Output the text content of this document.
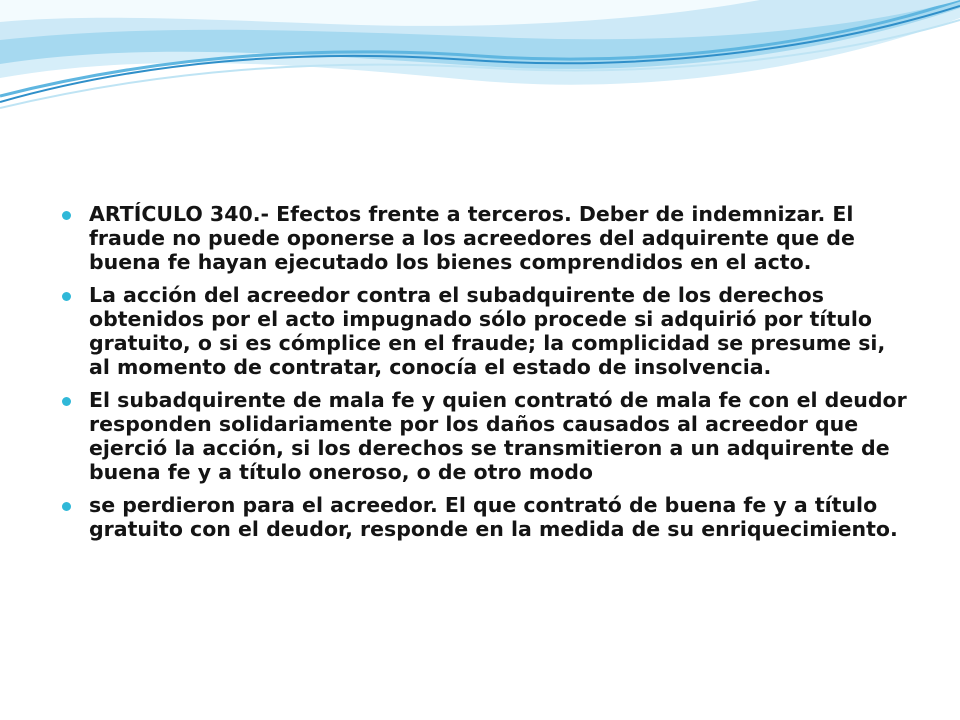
ARTÍCULO 340.- Efectos frente a terceros. Deber de indemnizar. El fraude no puede oponerse a los acreedores del adquirente que de buena fe hayan ejecutado los bienes comprendidos en el acto.
La acción del acreedor contra el subadquirente de los derechos obtenidos por el acto impugnado sólo procede si adquirió por título gratuito, o si es cómplice en el fraude; la complicidad se presume si, al momento de contratar, conocía el estado de insolvencia.
El subadquirente de mala fe y quien contrató de mala fe con el deudor responden solidariamente por los daños causados al acreedor que ejerció la acción, si los derechos se transmitieron a un adquirente de buena fe y a título oneroso, o de otro modo
se perdieron para el acreedor. El que contrató de buena fe y a título gratuito con el deudor, responde en la medida de su enriquecimiento.
